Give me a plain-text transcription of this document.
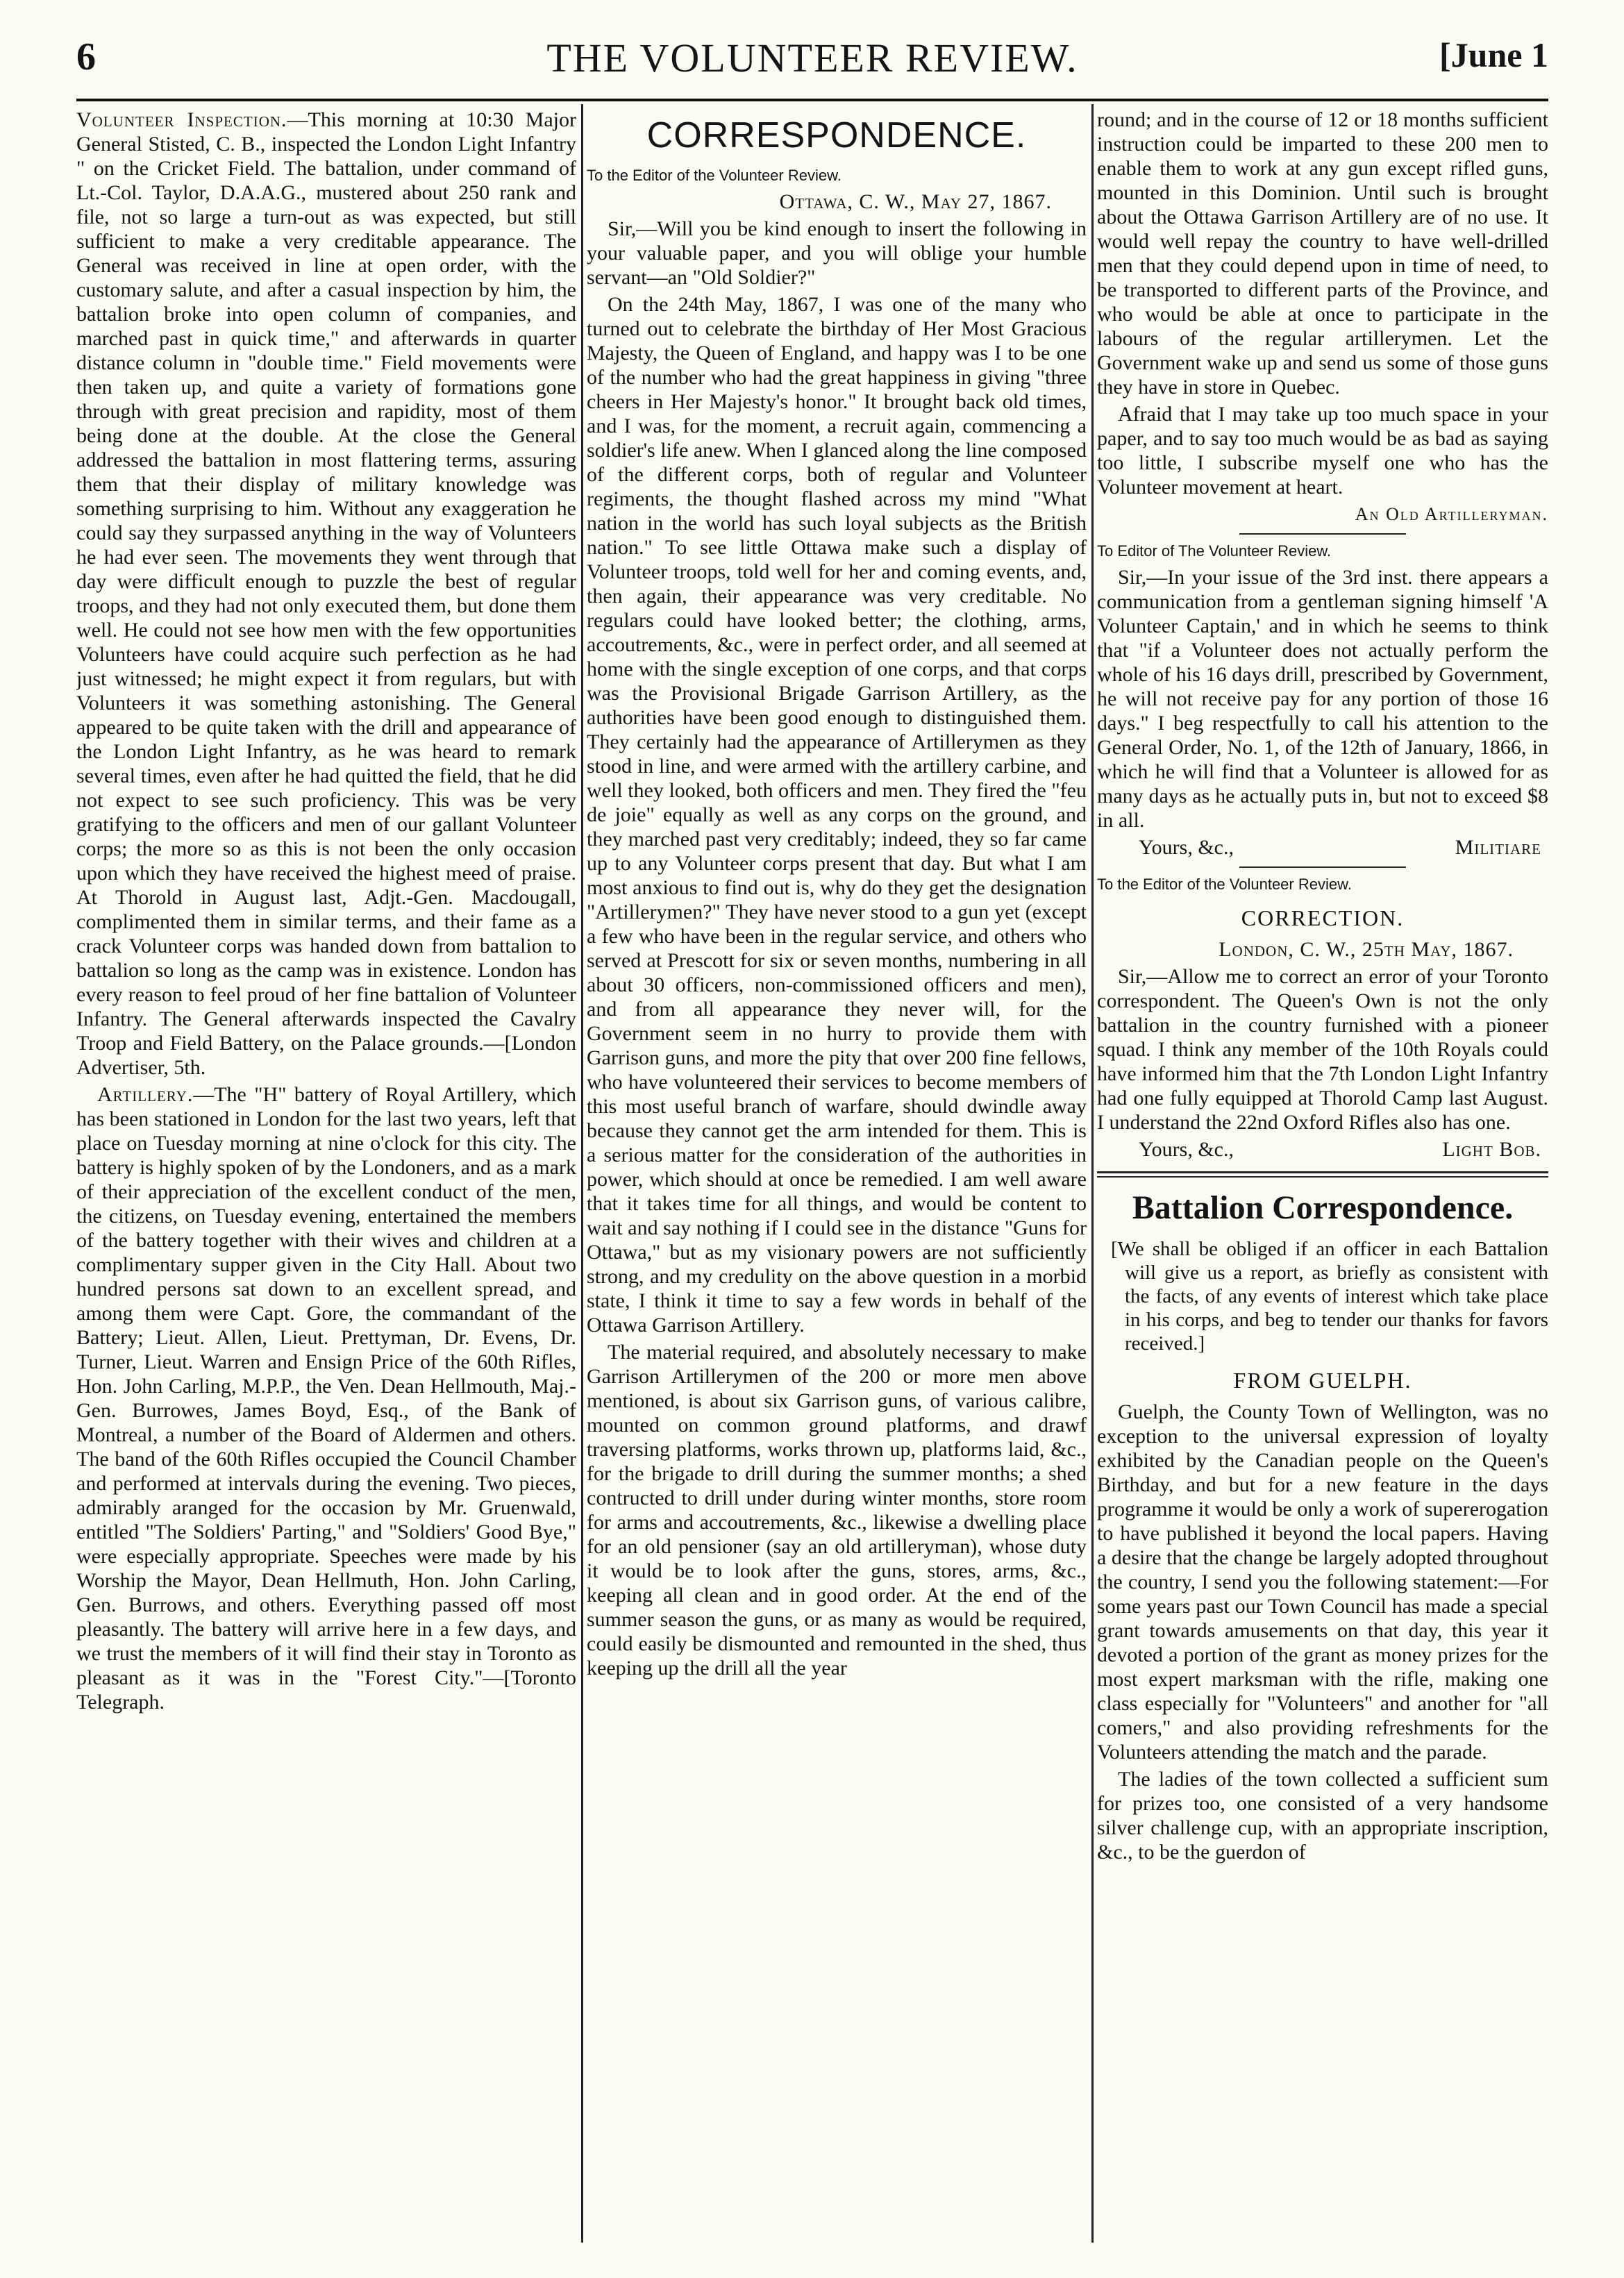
6	THE VOLUNTEER REVIEW.	[June 1

Volunteer Inspection.—This morning at 10:30 Major General Stisted, C. B., inspected the London Light Infantry " on the Cricket Field. The battalion, under command of Lt.-Col. Taylor, D.A.A.G., mustered about 250 rank and file, not so large a turn-out as was expected, but still sufficient to make a very creditable appearance. The General was received in line at open order, with the customary salute, and after a casual inspection by him, the battalion broke into open column of companies, and marched past in quick time," and afterwards in quarter distance column in "double time." Field movements were then taken up, and quite a variety of formations gone through with great precision and rapidity, most of them being done at the double. At the close the General addressed the battalion in most flattering terms, assuring them that their display of military knowledge was something surprising to him. Without any exaggeration he could say they surpassed anything in the way of Volunteers he had ever seen. The movements they went through that day were difficult enough to puzzle the best of regular troops, and they had not only executed them, but done them well. He could not see how men with the few opportunities Volunteers have could acquire such perfection as he had just witnessed; he might expect it from regulars, but with Volunteers it was something astonishing. The General appeared to be quite taken with the drill and appearance of the London Light Infantry, as he was heard to remark several times, even after he had quitted the field, that he did not expect to see such proficiency. This was be very gratifying to the officers and men of our gallant Volunteer corps; the more so as this is not been the only occasion upon which they have received the highest meed of praise. At Thorold in August last, Adjt.-Gen. Macdougall, complimented them in similar terms, and their fame as a crack Volunteer corps was handed down from battalion to battalion so long as the camp was in existence. London has every reason to feel proud of her fine battalion of Volunteer Infantry. The General afterwards inspected the Cavalry Troop and Field Battery, on the Palace grounds.—[London Advertiser, 5th.

Artillery.—The "H" battery of Royal Artillery, which has been stationed in London for the last two years, left that place on Tuesday morning at nine o'clock for this city. The battery is highly spoken of by the Londoners, and as a mark of their appreciation of the excellent conduct of the men, the citizens, on Tuesday evening, entertained the members of the battery together with their wives and children at a complimentary supper given in the City Hall. About two hundred persons sat down to an excellent spread, and among them were Capt. Gore, the commandant of the Battery; Lieut. Allen, Lieut. Prettyman, Dr. Evens, Dr. Turner, Lieut. Warren and Ensign Price of the 60th Rifles, Hon. John Carling, M.P.P., the Ven. Dean Hellmouth, Maj.-Gen. Burrowes, James Boyd, Esq., of the Bank of Montreal, a number of the Board of Aldermen and others. The band of the 60th Rifles occupied the Council Chamber and performed at intervals during the evening. Two pieces, admirably aranged for the occasion by Mr. Gruenwald, entitled "The Soldiers' Parting," and "Soldiers' Good Bye," were especially appropriate. Speeches were made by his Worship the Mayor, Dean Hellmuth, Hon. John Carling, Gen. Burrows, and others. Everything passed off most pleasantly. The battery will arrive here in a few days, and we trust the members of it will find their stay in Toronto as pleasant as it was in the "Forest City."—[Toronto Telegraph.

CORRESPONDENCE.
To the Editor of the Volunteer Review.
Ottawa, C. W., May 27, 1867.

Sir,—Will you be kind enough to insert the following in your valuable paper, and you will oblige your humble servant—an "Old Soldier?"

On the 24th May, 1867, I was one of the many who turned out to celebrate the birthday of Her Most Gracious Majesty, the Queen of England, and happy was I to be one of the number who had the great happiness in giving "three cheers in Her Majesty's honor." It brought back old times, and I was, for the moment, a recruit again, commencing a soldier's life anew. When I glanced along the line composed of the different corps, both of regular and Volunteer regiments, the thought flashed across my mind "What nation in the world has such loyal subjects as the British nation." To see little Ottawa make such a display of Volunteer troops, told well for her and coming events, and, then again, their appearance was very creditable. No regulars could have looked better; the clothing, arms, accoutrements, &c., were in perfect order, and all seemed at home with the single exception of one corps, and that corps was the Provisional Brigade Garrison Artillery, as the authorities have been good enough to distinguished them. They certainly had the appearance of Artillerymen as they stood in line, and were armed with the artillery carbine, and well they looked, both officers and men. They fired the "feu de joie" equally as well as any corps on the ground, and they marched past very creditably; indeed, they so far came up to any Volunteer corps present that day. But what I am most anxious to find out is, why do they get the designation "Artillerymen?" They have never stood to a gun yet (except a few who have been in the regular service, and others who served at Prescott for six or seven months, numbering in all about 30 officers, non-commissioned officers and men), and from all appearance they never will, for the Government seem in no hurry to provide them with Garrison guns, and more the pity that over 200 fine fellows, who have volunteered their services to become members of this most useful branch of warfare, should dwindle away because they cannot get the arm intended for them. This is a serious matter for the consideration of the authorities in power, which should at once be remedied. I am well aware that it takes time for all things, and would be content to wait and say nothing if I could see in the distance "Guns for Ottawa," but as my visionary powers are not sufficiently strong, and my credulity on the above question in a morbid state, I think it time to say a few words in behalf of the Ottawa Garrison Artillery.

The material required, and absolutely necessary to make Garrison Artillerymen of the 200 or more men above mentioned, is about six Garrison guns, of various calibre, mounted on common ground platforms, and drawf traversing platforms, works thrown up, platforms laid, &c., for the brigade to drill during the summer months; a shed contructed to drill under during winter months, store room for arms and accoutrements, &c., likewise a dwelling place for an old pensioner (say an old artilleryman), whose duty it would be to look after the guns, stores, arms, &c., keeping all clean and in good order. At the end of the summer season the guns, or as many as would be required, could easily be dismounted and remounted in the shed, thus keeping up the drill all the year

round; and in the course of 12 or 18 months sufficient instruction could be imparted to these 200 men to enable them to work at any gun except rifled guns, mounted in this Dominion. Until such is brought about the Ottawa Garrison Artillery are of no use. It would well repay the country to have well-drilled men that they could depend upon in time of need, to be transported to different parts of the Province, and who would be able at once to participate in the labours of the regular artillerymen. Let the Government wake up and send us some of those guns they have in store in Quebec.

Afraid that I may take up too much space in your paper, and to say too much would be as bad as saying too little, I subscribe myself one who has the Volunteer movement at heart.

An Old Artilleryman.
To Editor of The Volunteer Review.

Sir,—In your issue of the 3rd inst. there appears a communication from a gentleman signing himself 'A Volunteer Captain,' and in which he seems to think that "if a Volunteer does not actually perform the whole of his 16 days drill, prescribed by Government, he will not receive pay for any portion of those 16 days." I beg respectfully to call his attention to the General Order, No. 1, of the 12th of January, 1866, in which he will find that a Volunteer is allowed for as many days as he actually puts in, but not to exceed $8 in all.

Yours, &c.,	Militiare
To the Editor of the Volunteer Review.
CORRECTION.
London, C. W., 25th May, 1867.

Sir,—Allow me to correct an error of your Toronto correspondent. The Queen's Own is not the only battalion in the country furnished with a pioneer squad. I think any member of the 10th Royals could have informed him that the 7th London Light Infantry had one fully equipped at Thorold Camp last August. I understand the 22nd Oxford Rifles also has one.

Yours, &c.,	Light Bob.
Battalion Correspondence.
[We shall be obliged if an officer in each Battalion will give us a report, as briefly as consistent with the facts, of any events of interest which take place in his corps, and beg to tender our thanks for favors received.]
FROM GUELPH.

Guelph, the County Town of Wellington, was no exception to the universal expression of loyalty exhibited by the Canadian people on the Queen's Birthday, and but for a new feature in the days programme it would be only a work of supererogation to have published it beyond the local papers. Having a desire that the change be largely adopted throughout the country, I send you the following statement:—For some years past our Town Council has made a special grant towards amusements on that day, this year it devoted a portion of the grant as money prizes for the most expert marksman with the rifle, making one class especially for "Volunteers" and another for "all comers," and also providing refreshments for the Volunteers attending the match and the parade.

The ladies of the town collected a sufficient sum for prizes too, one consisted of a very handsome silver challenge cup, with an appropriate inscription, &c., to be the guerdon of
